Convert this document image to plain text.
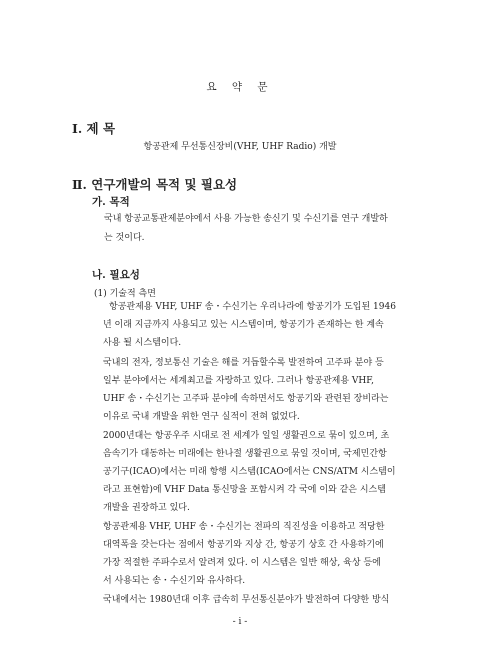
요 약 문
Ⅰ. 제 목
항공관제 무선통신장비(VHF, UHF Radio) 개발
Ⅱ. 연구개발의 목적 및 필요성
가. 목적
국내 항공교통관제분야에서 사용 가능한 송신기 및 수신기를 연구 개발하
는 것이다.
나. 필요성
(1) 기술적 측면
항공관제용 VHF, UHF 송・수신기는 우리나라에 항공기가 도입된 1946
년 이래 지금까지 사용되고 있는 시스템이며, 항공기가 존재하는 한 계속
사용 될 시스템이다.
국내의 전자, 정보통신 기술은 해를 거듭할수록 발전하여 고주파 분야 등
일부 분야에서는 세계최고를 자랑하고 있다. 그러나 항공관제용 VHF,
UHF 송・수신기는 고주파 분야에 속하면서도 항공기와 관련된 장비라는
이유로 국내 개발을 위한 연구 실적이 전혀 없었다.
2000년대는 항공우주 시대로 전 세계가 일일 생활권으로 묶이 있으며, 초
음속기가 대동하는 미래에는 한나절 생활권으로 묶일 것이며, 국제민간항
공기구(ICAO)에서는 미래 항행 시스템(ICAO에서는 CNS/ATM 시스템이
라고 표현함)에 VHF Data 통신망을 포함시켜 각 국에 이와 같은 시스템
개발을 권장하고 있다.
항공관제용 VHF, UHF 송・수신기는 전파의 직진성을 이용하고 적당한
대역폭을 갖는다는 점에서 항공기와 지상 간, 항공기 상호 간 사용하기에
가장 적절한 주파수로서 알려져 있다. 이 시스템은 일반 해상, 육상 등에
서 사용되는 송・수신기와 유사하다.
국내에서는 1980년대 이후 급속히 무선통신분야가 발전하여 다양한 방식
- i -
